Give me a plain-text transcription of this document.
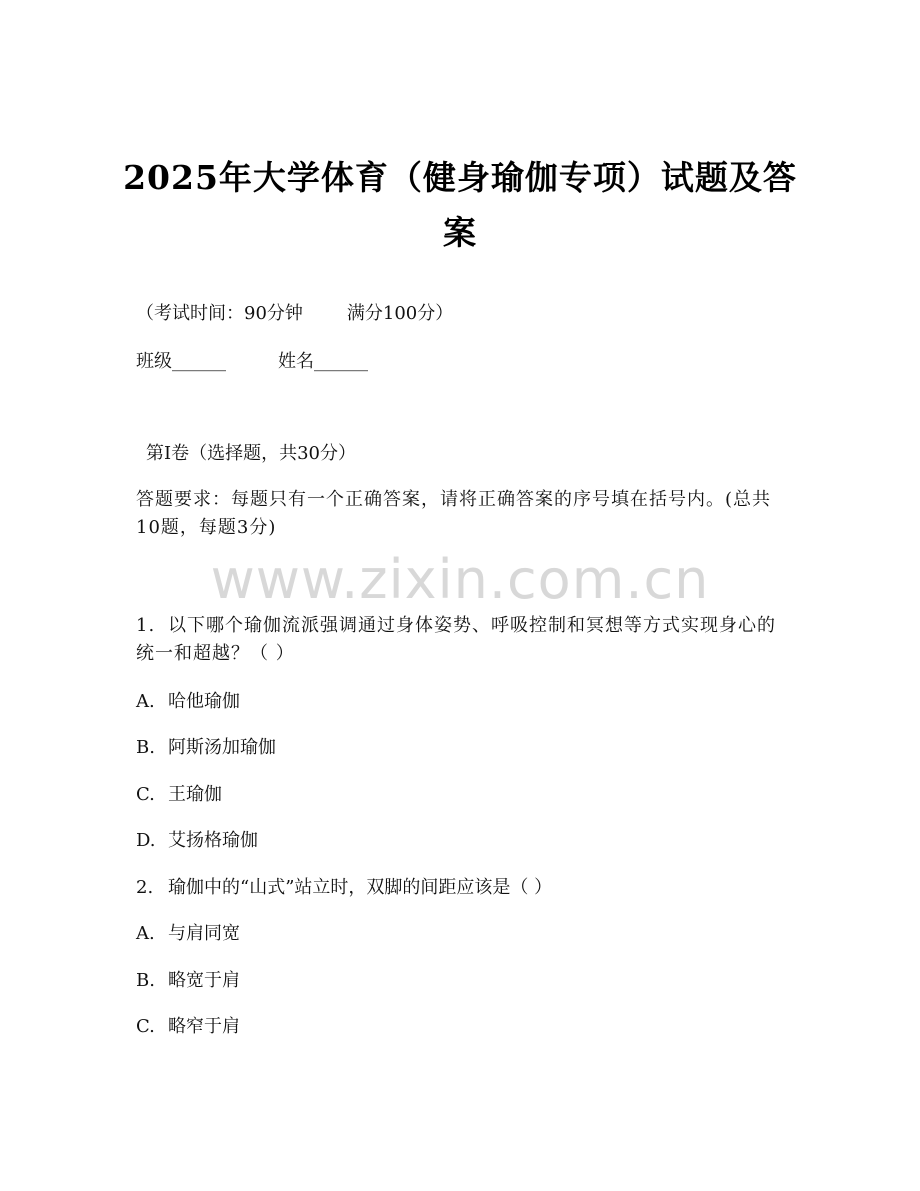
2025年大学体育（健身瑜伽专项）试题及答案
（考试时间：90分钟 满分100分）
班级______	姓名______
第I卷（选择题，共30分）
答题要求：每题只有一个正确答案，请将正确答案的序号填在括号内。(总共10题，每题3分)
www.zixin.com.cn
1. 以下哪个瑜伽流派强调通过身体姿势、呼吸控制和冥想等方式实现身心的统一和超越？（ ）
A. 哈他瑜伽
B. 阿斯汤加瑜伽
C. 王瑜伽
D. 艾扬格瑜伽
2. 瑜伽中的“山式”站立时，双脚的间距应该是（ ）
A. 与肩同宽
B. 略宽于肩
C. 略窄于肩
